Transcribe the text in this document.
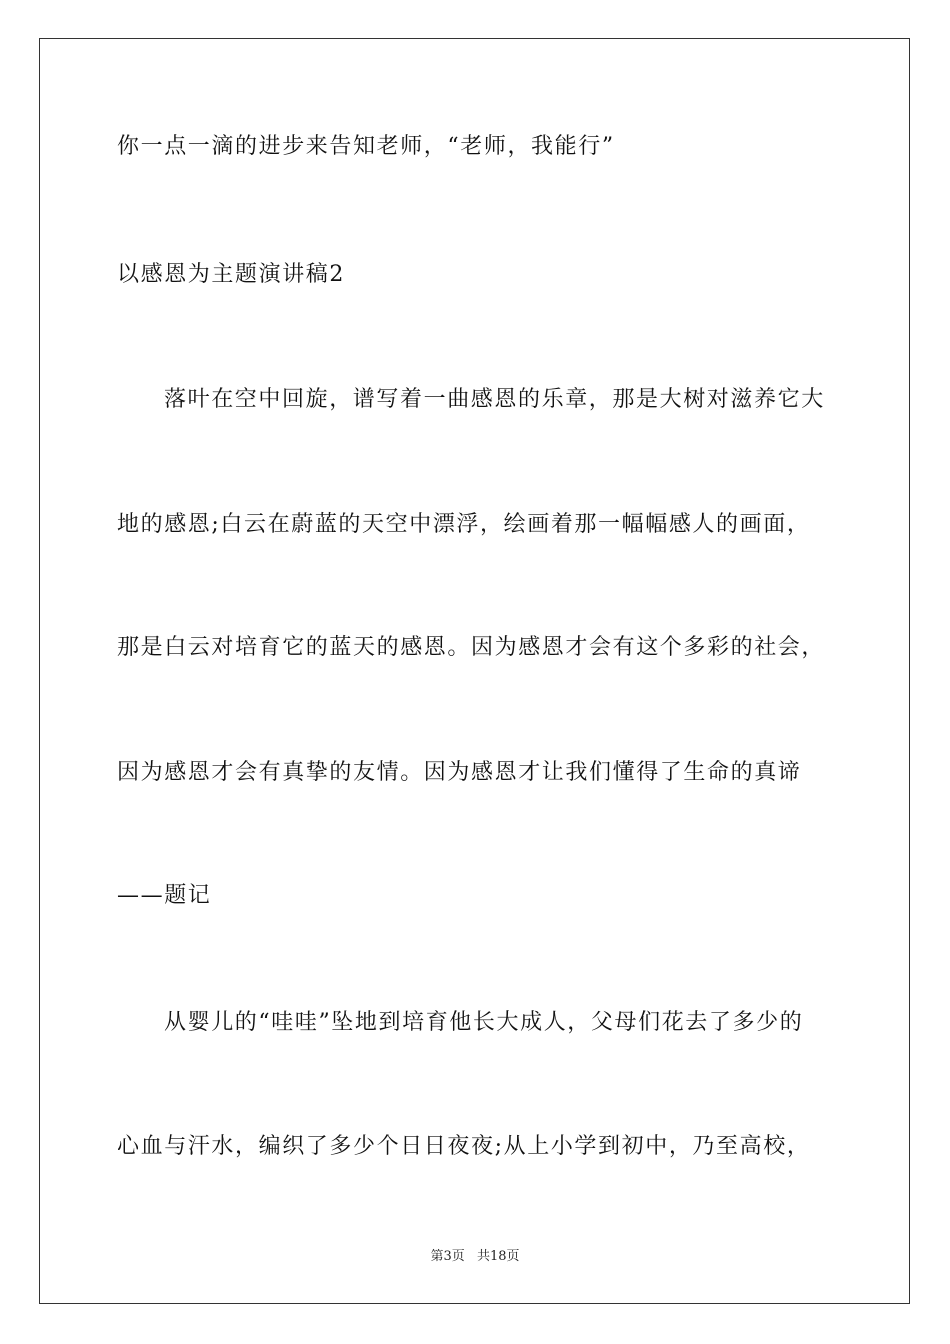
你一点一滴的进步来告知老师，“老师，我能行”
以感恩为主题演讲稿2
落叶在空中回旋，谱写着一曲感恩的乐章，那是大树对滋养它大
地的感恩;白云在蔚蓝的天空中漂浮，绘画着那一幅幅感人的画面，
那是白云对培育它的蓝天的感恩。因为感恩才会有这个多彩的社会，
因为感恩才会有真挚的友情。因为感恩才让我们懂得了生命的真谛
——题记
从婴儿的“哇哇”坠地到培育他长大成人，父母们花去了多少的
心血与汗水，编织了多少个日日夜夜;从上小学到初中，乃至高校，
第3页 共18页
